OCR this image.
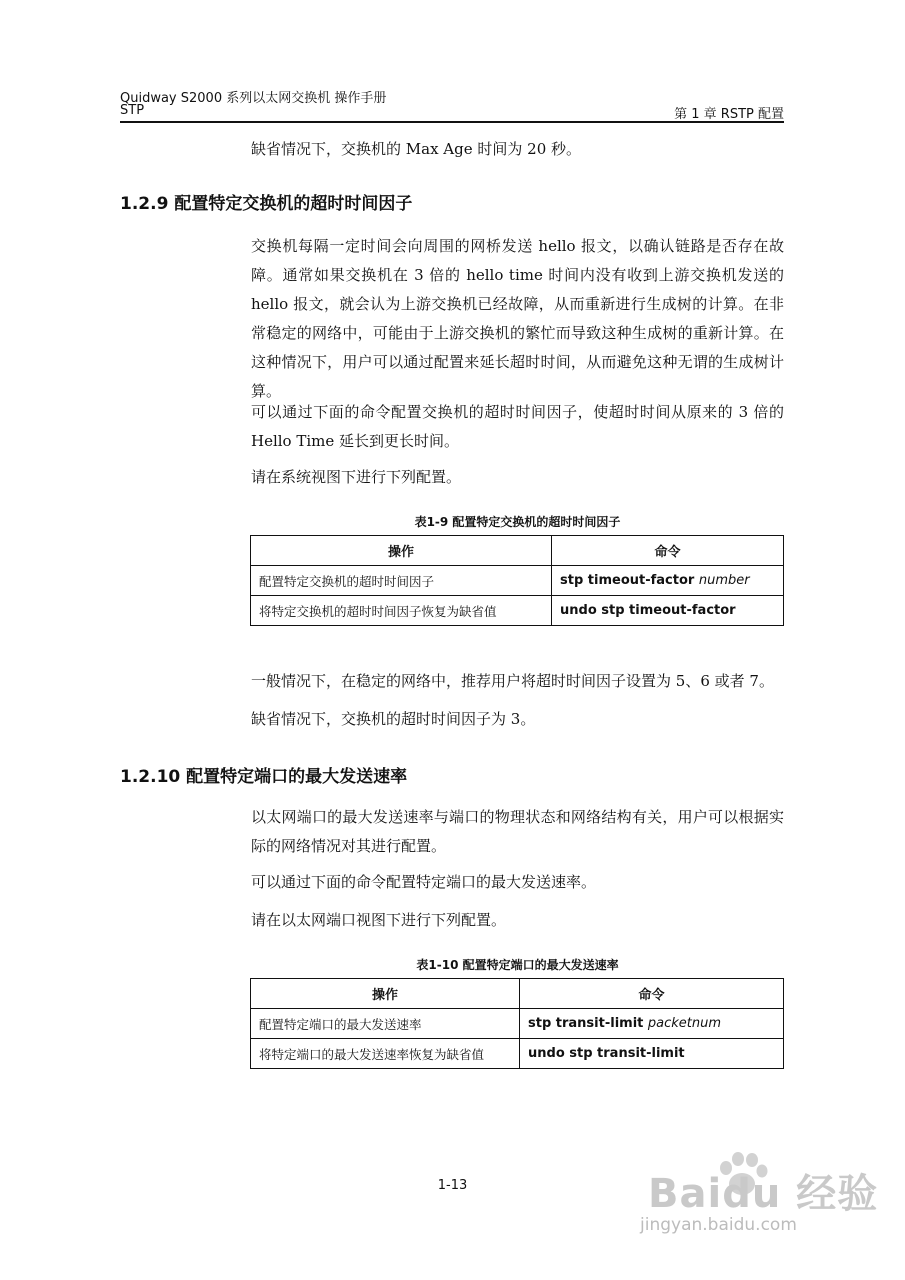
Quidway S2000 系列以太网交换机 操作手册
STP	第 1 章 RSTP 配置
缺省情况下，交换机的 Max Age 时间为 20 秒。
1.2.9 配置特定交换机的超时时间因子
交换机每隔一定时间会向周围的网桥发送 hello 报文，以确认链路是否存在故障。通常如果交换机在 3 倍的 hello time 时间内没有收到上游交换机发送的 hello 报文，就会认为上游交换机已经故障，从而重新进行生成树的计算。在非常稳定的网络中，可能由于上游交换机的繁忙而导致这种生成树的重新计算。在这种情况下，用户可以通过配置来延长超时时间，从而避免这种无谓的生成树计算。
可以通过下面的命令配置交换机的超时时间因子，使超时时间从原来的 3 倍的 Hello Time 延长到更长时间。
请在系统视图下进行下列配置。
表1-9 配置特定交换机的超时时间因子
操作	命令
配置特定交换机的超时时间因子	stp timeout-factor number
将特定交换机的超时时间因子恢复为缺省值	undo stp timeout-factor
一般情况下，在稳定的网络中，推荐用户将超时时间因子设置为 5、6 或者 7。
缺省情况下，交换机的超时时间因子为 3。
1.2.10 配置特定端口的最大发送速率
以太网端口的最大发送速率与端口的物理状态和网络结构有关，用户可以根据实际的网络情况对其进行配置。
可以通过下面的命令配置特定端口的最大发送速率。
请在以太网端口视图下进行下列配置。
表1-10 配置特定端口的最大发送速率
操作	命令
配置特定端口的最大发送速率	stp transit-limit packetnum
将特定端口的最大发送速率恢复为缺省值	undo stp transit-limit
1-13	Baidu 经验
jingyan.baidu.com
